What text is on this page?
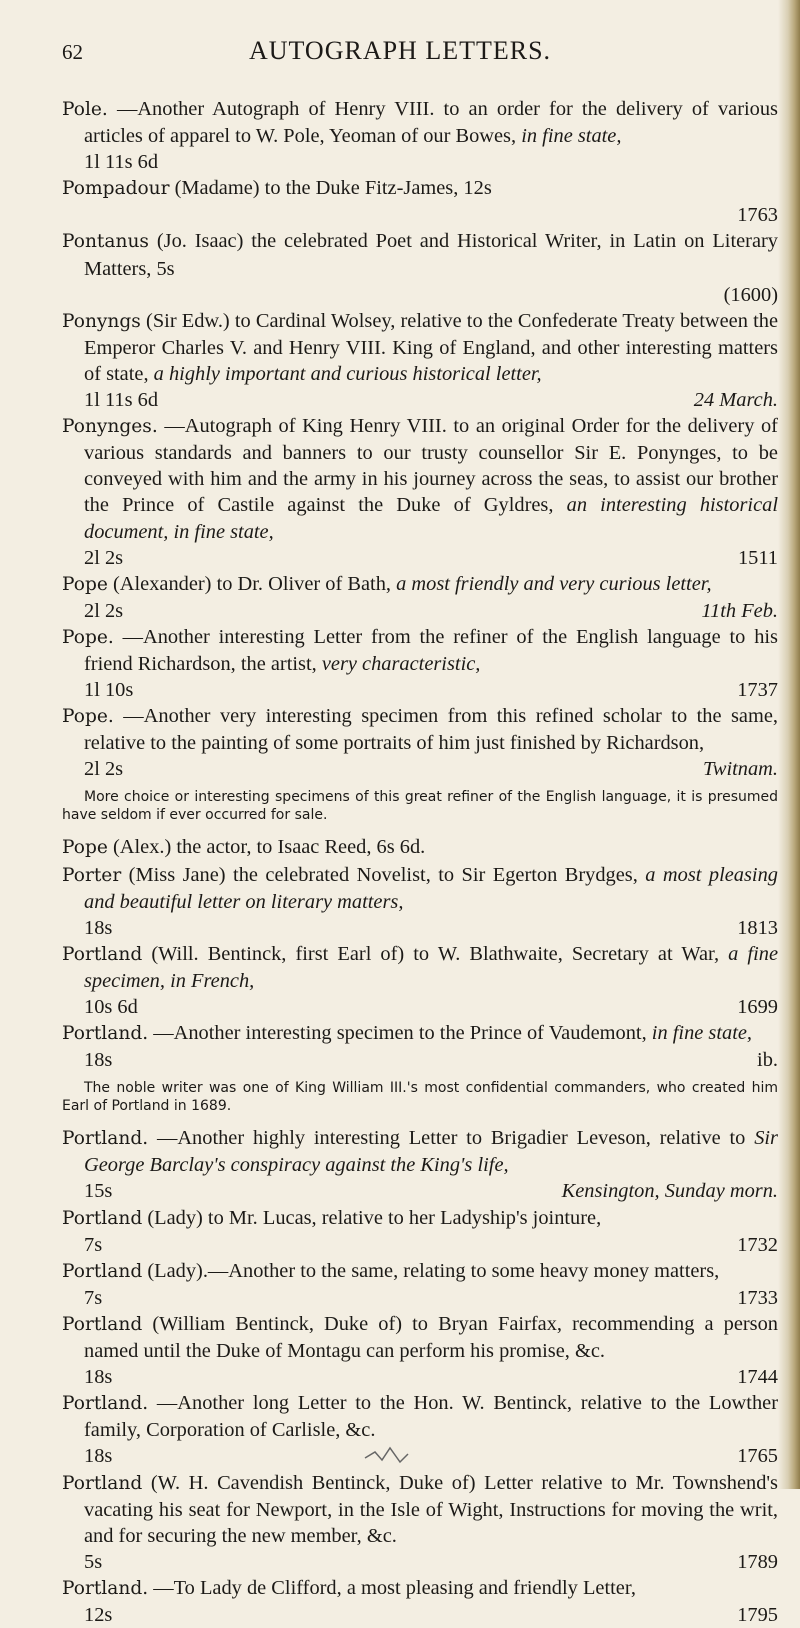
62	AUTOGRAPH LETTERS.
Pole. —Another Autograph of Henry VIII. to an order for the delivery of various articles of apparel to W. Pole, Yeoman of our Bowes, in fine state,
1l 11s 6d
Pompadour (Madame) to the Duke Fitz-James, 12s
1763
Pontanus (Jo. Isaac) the celebrated Poet and Historical Writer, in Latin on Literary Matters, 5s
(1600)
Ponyngs (Sir Edw.) to Cardinal Wolsey, relative to the Confederate Treaty between the Emperor Charles V. and Henry VIII. King of England, and other interesting matters of state, a highly important and curious historical letter,
1l 11s 6d	24 March.
Ponynges. —Autograph of King Henry VIII. to an original Order for the delivery of various standards and banners to our trusty counsellor Sir E. Ponynges, to be conveyed with him and the army in his journey across the seas, to assist our brother the Prince of Castile against the Duke of Gyldres, an interesting historical document, in fine state,
2l 2s	1511
Pope (Alexander) to Dr. Oliver of Bath, a most friendly and very curious letter,
2l 2s	11th Feb.
Pope. —Another interesting Letter from the refiner of the English language to his friend Richardson, the artist, very characteristic,
1l 10s	1737
Pope. —Another very interesting specimen from this refined scholar to the same, relative to the painting of some portraits of him just finished by Richardson,
2l 2s	Twitnam.
More choice or interesting specimens of this great refiner of the English language, it is presumed have seldom if ever occurred for sale.
Pope (Alex.) the actor, to Isaac Reed, 6s 6d.
Porter (Miss Jane) the celebrated Novelist, to Sir Egerton Brydges, a most pleasing and beautiful letter on literary matters,
18s	1813
Portland (Will. Bentinck, first Earl of) to W. Blathwaite, Secretary at War, a fine specimen, in French,
10s 6d	1699
Portland. —Another interesting specimen to the Prince of Vaudemont, in fine state,
18s	ib.
The noble writer was one of King William III.'s most confidential commanders, who created him Earl of Portland in 1689.
Portland. —Another highly interesting Letter to Brigadier Leveson, relative to Sir George Barclay's conspiracy against the King's life,
15s	Kensington, Sunday morn.
Portland (Lady) to Mr. Lucas, relative to her Ladyship's jointure,
7s	1732
Portland (Lady).—Another to the same, relating to some heavy money matters,
7s	1733
Portland (William Bentinck, Duke of) to Bryan Fairfax, recommending a person named until the Duke of Montagu can perform his promise, &c.
18s	1744
Portland. —Another long Letter to the Hon. W. Bentinck, relative to the Lowther family, Corporation of Carlisle, &c.
18s	1765
Portland (W. H. Cavendish Bentinck, Duke of) Letter relative to Mr. Townshend's vacating his seat for Newport, in the Isle of Wight, Instructions for moving the writ, and for securing the new member, &c.
5s	1789
Portland. —To Lady de Clifford, a most pleasing and friendly Letter,
12s	1795
